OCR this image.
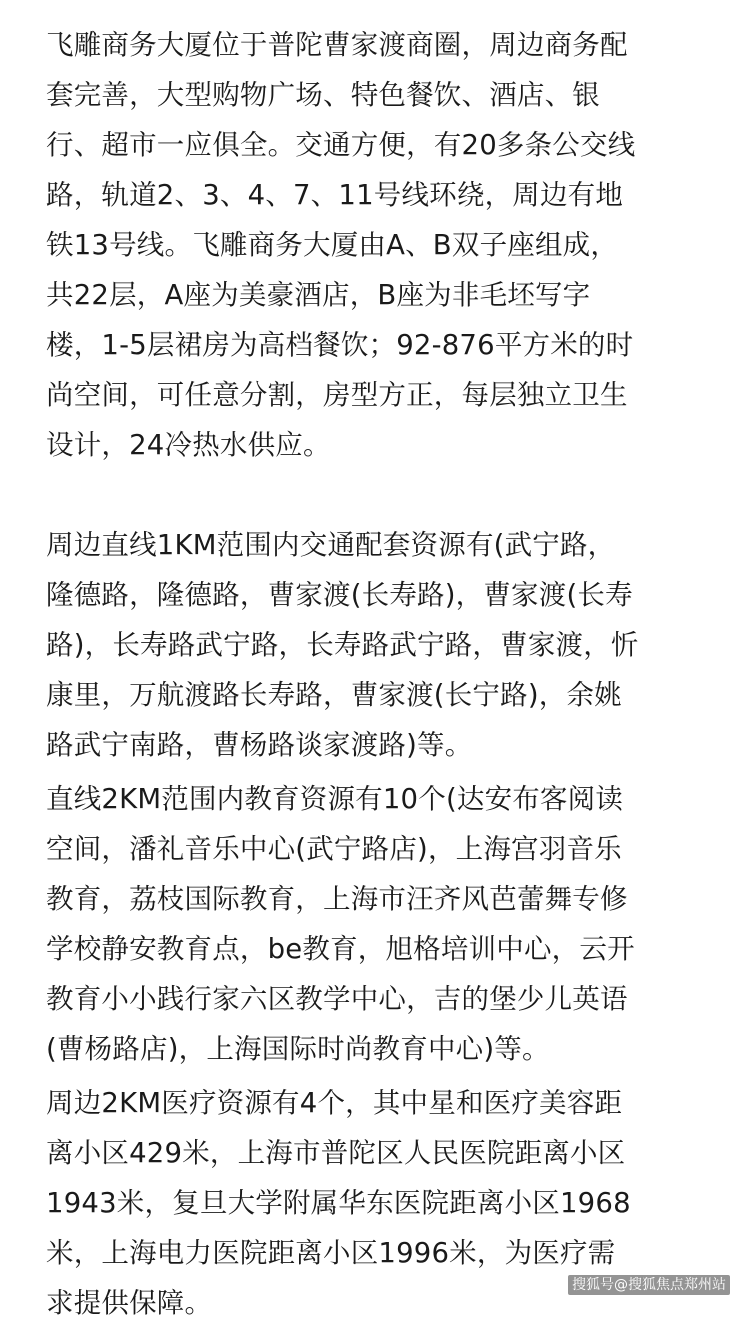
飞雕商务大厦位于普陀曹家渡商圈，周边商务配
套完善，大型购物广场、特色餐饮、酒店、银
行、超市一应俱全。交通方便，有20多条公交线
路，轨道2、3、4、7、11号线环绕，周边有地
铁13号线。飞雕商务大厦由A、B双子座组成，
共22层，A座为美豪酒店，B座为非毛坯写字
楼，1-5层裙房为高档餐饮；92-876平方米的时
尚空间，可任意分割，房型方正，每层独立卫生
设计，24冷热水供应。

周边直线1KM范围内交通配套资源有(武宁路，
隆德路，隆德路，曹家渡(长寿路)，曹家渡(长寿
路)，长寿路武宁路，长寿路武宁路，曹家渡，忻
康里，万航渡路长寿路，曹家渡(长宁路)，余姚
路武宁南路，曹杨路谈家渡路)等。

直线2KM范围内教育资源有10个(达安布客阅读
空间，潘礼音乐中心(武宁路店)，上海宫羽音乐
教育，荔枝国际教育，上海市汪齐风芭蕾舞专修
学校静安教育点，be教育，旭格培训中心，云开
教育小小践行家六区教学中心，吉的堡少儿英语
(曹杨路店)，上海国际时尚教育中心)等。

周边2KM医疗资源有4个，其中星和医疗美容距
离小区429米，上海市普陀区人民医院距离小区
1943米，复旦大学附属华东医院距离小区1968
米，上海电力医院距离小区1996米，为医疗需
求提供保障。

搜狐号@搜狐焦点郑州站
